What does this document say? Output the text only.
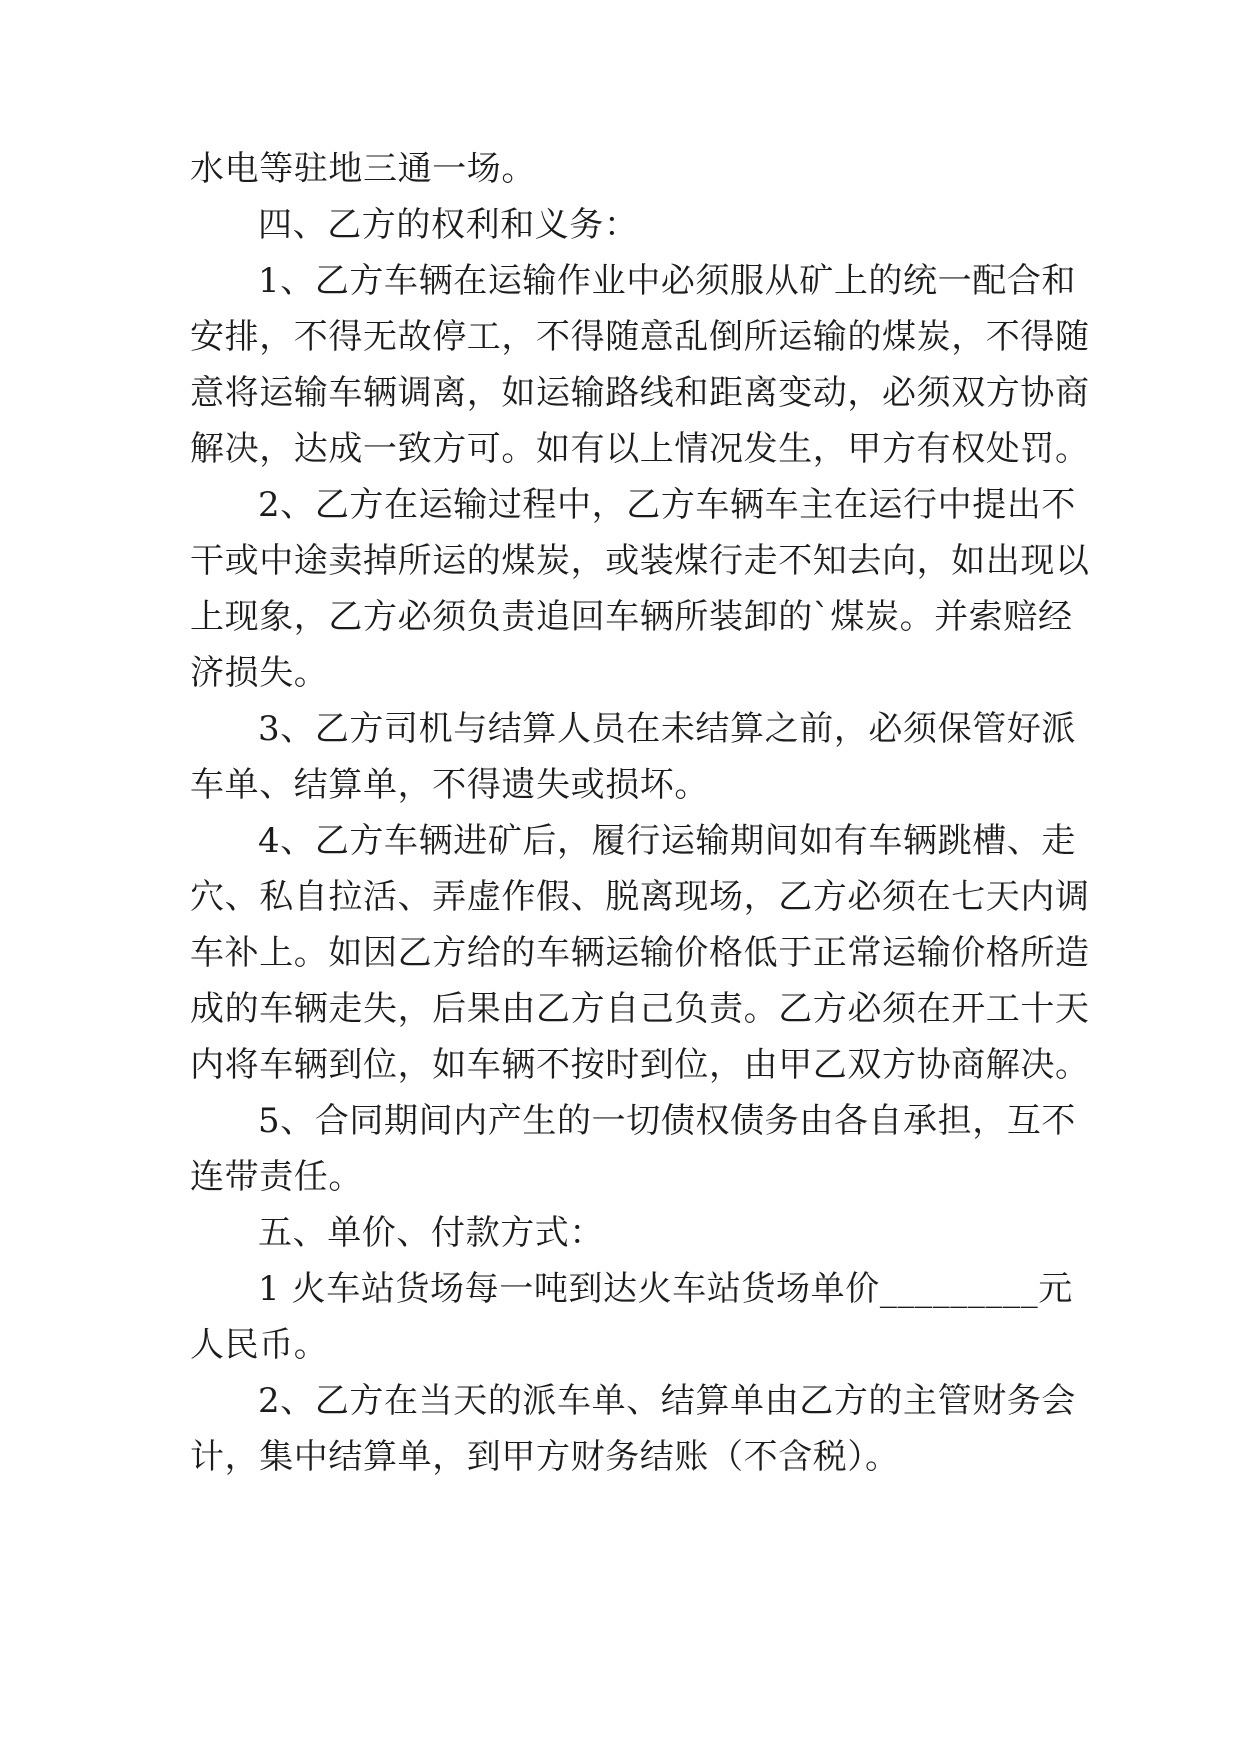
水电等驻地三通一场。
四、乙方的权利和义务：
1、乙方车辆在运输作业中必须服从矿上的统一配合和
安排，不得无故停工，不得随意乱倒所运输的煤炭，不得随
意将运输车辆调离，如运输路线和距离变动，必须双方协商
解决，达成一致方可。如有以上情况发生，甲方有权处罚。
2、乙方在运输过程中，乙方车辆车主在运行中提出不
干或中途卖掉所运的煤炭，或装煤行走不知去向，如出现以
上现象，乙方必须负责追回车辆所装卸的`煤炭。并索赔经
济损失。
3、乙方司机与结算人员在未结算之前，必须保管好派
车单、结算单，不得遗失或损坏。
4、乙方车辆进矿后，履行运输期间如有车辆跳槽、走
穴、私自拉活、弄虚作假、脱离现场，乙方必须在七天内调
车补上。如因乙方给的车辆运输价格低于正常运输价格所造
成的车辆走失，后果由乙方自己负责。乙方必须在开工十天
内将车辆到位，如车辆不按时到位，由甲乙双方协商解决。
5、合同期间内产生的一切债权债务由各自承担，互不
连带责任。
五、单价、付款方式：
1 火车站货场每一吨到达火车站货场单价_________元
人民币。
2、乙方在当天的派车单、结算单由乙方的主管财务会
计，集中结算单，到甲方财务结账（不含税）。
